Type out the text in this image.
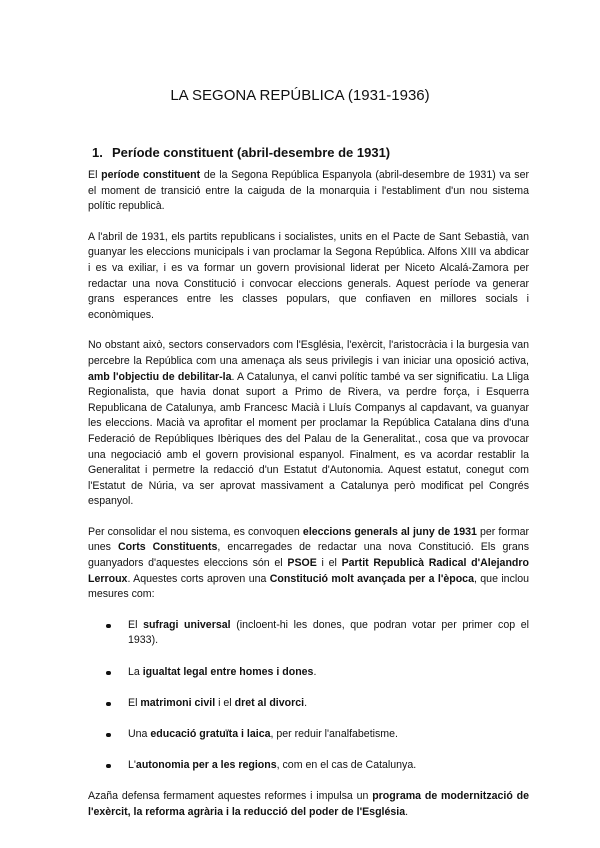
LA SEGONA REPÚBLICA (1931-1936)
1. Període constituent (abril-desembre de 1931)

El període constituent de la Segona República Espanyola (abril-desembre de 1931) va ser el moment de transició entre la caiguda de la monarquia i l'establiment d'un nou sistema polític republicà.

A l'abril de 1931, els partits republicans i socialistes, units en el Pacte de Sant Sebastià, van guanyar les eleccions municipals i van proclamar la Segona República. Alfons XIII va abdicar i es va exiliar, i es va formar un govern provisional liderat per Niceto Alcalá-Zamora per redactar una nova Constitució i convocar eleccions generals. Aquest període va generar grans esperances entre les classes populars, que confiaven en millores socials i econòmiques.

No obstant això, sectors conservadors com l'Església, l'exèrcit, l'aristocràcia i la burgesia van percebre la República com una amenaça als seus privilegis i van iniciar una oposició activa, amb l'objectiu de debilitar-la. A Catalunya, el canvi polític també va ser significatiu. La Lliga Regionalista, que havia donat suport a Primo de Rivera, va perdre força, i Esquerra Republicana de Catalunya, amb Francesc Macià i Lluís Companys al capdavant, va guanyar les eleccions. Macià va aprofitar el moment per proclamar la República Catalana dins d'una Federació de Repúbliques Ibèriques des del Palau de la Generalitat., cosa que va provocar una negociació amb el govern provisional espanyol. Finalment, es va acordar restablir la Generalitat i permetre la redacció d'un Estatut d'Autonomia. Aquest estatut, conegut com l'Estatut de Núria, va ser aprovat massivament a Catalunya però modificat pel Congrés espanyol.

Per consolidar el nou sistema, es convoquen eleccions generals al juny de 1931 per formar unes Corts Constituents, encarregades de redactar una nova Constitució. Els grans guanyadors d'aquestes eleccions són el PSOE i el Partit Republicà Radical d'Alejandro Lerroux. Aquestes corts aproven una Constitució molt avançada per a l'època, que inclou mesures com:

El sufragi universal (incloent-hi les dones, que podran votar per primer cop el 1933).
La igualtat legal entre homes i dones.
El matrimoni civil i el dret al divorci.
Una educació gratuïta i laica, per reduir l'analfabetisme.
L'autonomia per a les regions, com en el cas de Catalunya.

Azaña defensa fermament aquestes reformes i impulsa un programa de modernització de l'exèrcit, la reforma agrària i la reducció del poder de l'Església.
